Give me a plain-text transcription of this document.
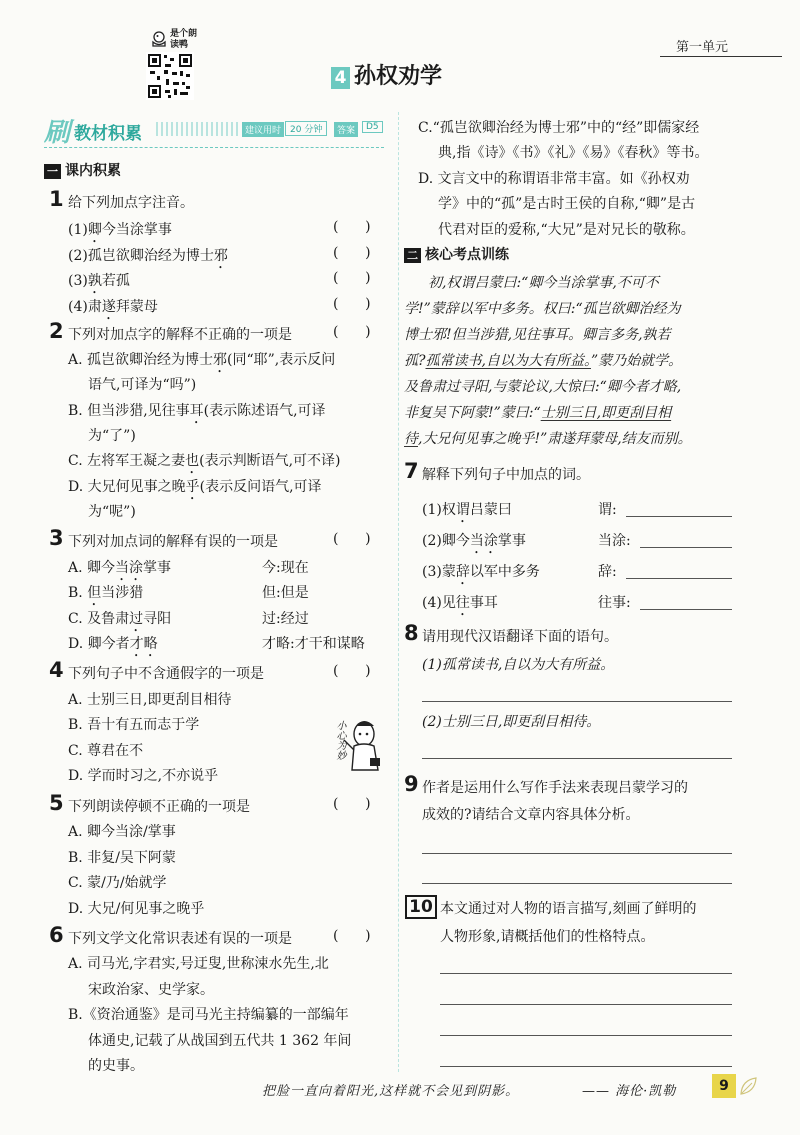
是个朗读鸭	第一单元
4 孙权劝学
刷 教材积累	建议用时 20 分钟	答案	D5
一 课内积累
1 给下列加点字注音。
(1)卿今当涂掌事	(      )
(2)孤岂欲卿治经为博士邪	(      )
(3)孰若孤	(      )
(4)肃遂拜蒙母	(      )
2 下列对加点字的解释不正确的一项是	(      )
A. 孤岂欲卿治经为博士邪(同“耶”,表示反问
语气,可译为“吗”)
B. 但当涉猎,见往事耳(表示陈述语气,可译
为“了”)
C. 左将军王凝之妻也(表示判断语气,可不译)
D. 大兄何见事之晚乎(表示反问语气,可译
为“呢”)
3 下列对加点词的解释有误的一项是	(      )
A. 卿今当涂掌事	今:现在
B. 但当涉猎	但:但是
C. 及鲁肃过寻阳	过:经过
D. 卿今者才略	才略:才干和谋略
4 下列句子中不含通假字的一项是	(      )
A. 士别三日,即更刮目相待
B. 吾十有五而志于学
C. 尊君在不
D. 学而时习之,不亦说乎
小心为妙
5 下列朗读停顿不正确的一项是	(      )
A. 卿今当涂/掌事
B. 非复/吴下阿蒙
C. 蒙/乃/始就学
D. 大兄/何见事之晚乎
6 下列文学文化常识表述有误的一项是	(      )
A. 司马光,字君实,号迂叟,世称涑水先生,北
宋政治家、史学家。
B.《资治通鉴》是司马光主持编纂的一部编年
体通史,记载了从战国到五代共 1 362 年间
的史事。
C.“孤岂欲卿治经为博士邪”中的“经”即儒家经
典,指《诗》《书》《礼》《易》《春秋》等书。
D. 文言文中的称谓语非常丰富。如《孙权劝
学》中的“孤”是古时王侯的自称,“卿”是古
代君对臣的爱称,“大兄”是对兄长的敬称。
二 核心考点训练
初,权谓吕蒙曰:“卿今当涂掌事,不可不
学!”蒙辞以军中多务。权曰:“孤岂欲卿治经为
博士邪!但当涉猎,见往事耳。卿言多务,孰若
孤?孤常读书,自以为大有所益。”蒙乃始就学。
及鲁肃过寻阳,与蒙论议,大惊曰:“卿今者才略,
非复吴下阿蒙!”蒙曰:“士别三日,即更刮目相
待,大兄何见事之晚乎!”肃遂拜蒙母,结友而别。
7 解释下列句子中加点的词。
(1)权谓吕蒙曰	谓:
(2)卿今当涂掌事	当涂:
(3)蒙辞以军中多务	辞:
(4)见往事耳	往事:
8 请用现代汉语翻译下面的语句。
(1)孤常读书,自以为大有所益。
(2)士别三日,即更刮目相待。
9 作者是运用什么写作手法来表现吕蒙学习的
成效的?请结合文章内容具体分析。
10 本文通过对人物的语言描写,刻画了鲜明的
人物形象,请概括他们的性格特点。
把脸一直向着阳光,这样就不会见到阴影。	—— 海伦·凯勒	9
